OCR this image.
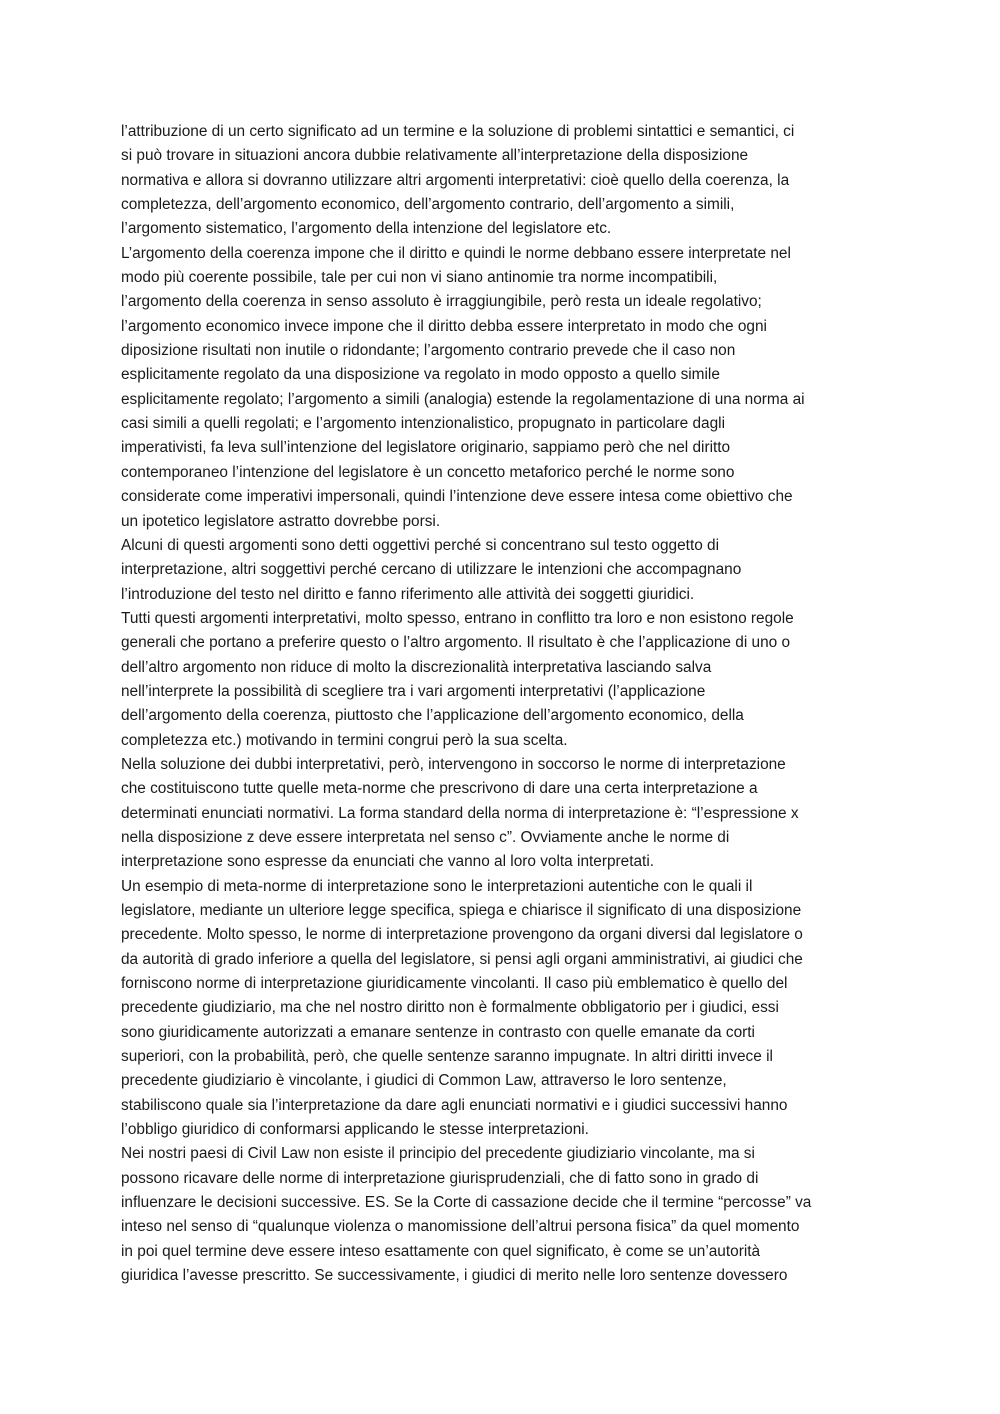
l’attribuzione di un certo significato ad un termine e la soluzione di problemi sintattici e semantici, ci
si può trovare in situazioni ancora dubbie relativamente all’interpretazione della disposizione
normativa e allora si dovranno utilizzare altri argomenti interpretativi: cioè quello della coerenza, la
completezza, dell’argomento economico, dell’argomento contrario, dell’argomento a simili,
l’argomento sistematico, l’argomento della intenzione del legislatore etc.
L’argomento della coerenza impone che il diritto e quindi le norme debbano essere interpretate nel
modo più coerente possibile, tale per cui non vi siano antinomie tra norme incompatibili,
l’argomento della coerenza in senso assoluto è irraggiungibile, però resta un ideale regolativo;
l’argomento economico invece impone che il diritto debba essere interpretato in modo che ogni
diposizione risultati non inutile o ridondante; l’argomento contrario prevede che il caso non
esplicitamente regolato da una disposizione va regolato in modo opposto a quello simile
esplicitamente regolato; l’argomento a simili (analogia) estende la regolamentazione di una norma ai
casi simili a quelli regolati; e l’argomento intenzionalistico, propugnato in particolare dagli
imperativisti, fa leva sull’intenzione del legislatore originario, sappiamo però che nel diritto
contemporaneo l’intenzione del legislatore è un concetto metaforico perché le norme sono
considerate come imperativi impersonali, quindi l’intenzione deve essere intesa come obiettivo che
un ipotetico legislatore astratto dovrebbe porsi.
Alcuni di questi argomenti sono detti oggettivi perché si concentrano sul testo oggetto di
interpretazione, altri soggettivi perché cercano di utilizzare le intenzioni che accompagnano
l’introduzione del testo nel diritto e fanno riferimento alle attività dei soggetti giuridici.
Tutti questi argomenti interpretativi, molto spesso, entrano in conflitto tra loro e non esistono regole
generali che portano a preferire questo o l’altro argomento. Il risultato è che l’applicazione di uno o
dell’altro argomento non riduce di molto la discrezionalità interpretativa lasciando salva
nell’interprete la possibilità di scegliere tra i vari argomenti interpretativi (l’applicazione
dell’argomento della coerenza, piuttosto che l’applicazione dell’argomento economico, della
completezza etc.) motivando in termini congrui però la sua scelta.
Nella soluzione dei dubbi interpretativi, però, intervengono in soccorso le norme di interpretazione
che costituiscono tutte quelle meta-norme che prescrivono di dare una certa interpretazione a
determinati enunciati normativi. La forma standard della norma di interpretazione è: “l’espressione x
nella disposizione z deve essere interpretata nel senso c”. Ovviamente anche le norme di
interpretazione sono espresse da enunciati che vanno al loro volta interpretati.
Un esempio di meta-norme di interpretazione sono le interpretazioni autentiche con le quali il
legislatore, mediante un ulteriore legge specifica, spiega e chiarisce il significato di una disposizione
precedente. Molto spesso, le norme di interpretazione provengono da organi diversi dal legislatore o
da autorità di grado inferiore a quella del legislatore, si pensi agli organi amministrativi, ai giudici che
forniscono norme di interpretazione giuridicamente vincolanti. Il caso più emblematico è quello del
precedente giudiziario, ma che nel nostro diritto non è formalmente obbligatorio per i giudici, essi
sono giuridicamente autorizzati a emanare sentenze in contrasto con quelle emanate da corti
superiori, con la probabilità, però, che quelle sentenze saranno impugnate. In altri diritti invece il
precedente giudiziario è vincolante, i giudici di Common Law, attraverso le loro sentenze,
stabiliscono quale sia l’interpretazione da dare agli enunciati normativi e i giudici successivi hanno
l’obbligo giuridico di conformarsi applicando le stesse interpretazioni.
Nei nostri paesi di Civil Law non esiste il principio del precedente giudiziario vincolante, ma si
possono ricavare delle norme di interpretazione giurisprudenziali, che di fatto sono in grado di
influenzare le decisioni successive. ES. Se la Corte di cassazione decide che il termine “percosse” va
inteso nel senso di “qualunque violenza o manomissione dell’altrui persona fisica” da quel momento
in poi quel termine deve essere inteso esattamente con quel significato, è come se un’autorità
giuridica l’avesse prescritto. Se successivamente, i giudici di merito nelle loro sentenze dovessero
